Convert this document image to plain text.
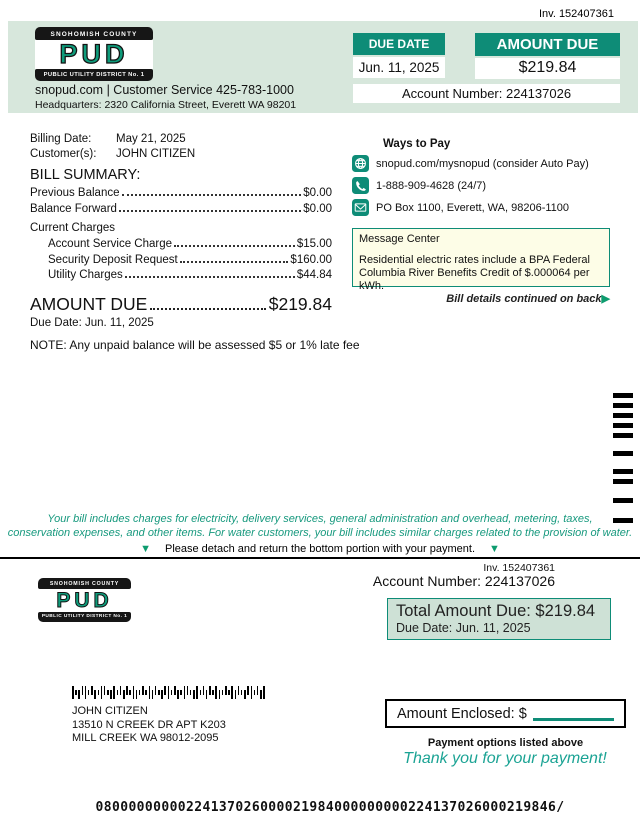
Inv. 152407361
SNOHOMISH COUNTY
PUD
PUBLIC UTILITY DISTRICT No. 1
snopud.com | Customer Service 425-783-1000
Headquarters: 2320 California Street, Everett WA 98201
DUE DATE
Jun. 11, 2025
AMOUNT DUE
$219.84
Account Number: 224137026
Billing Date:	May 21, 2025
Customer(s):	JOHN CITIZEN
BILL SUMMARY:
Previous Balance	$0.00
Balance Forward	$0.00
Current Charges
Account Service Charge	$15.00
Security Deposit Request	$160.00
Utility Charges	$44.84
AMOUNT DUE	$219.84
Due Date: Jun. 11, 2025
NOTE: Any unpaid balance will be assessed $5 or 1% late fee
Ways to Pay
snopud.com/mysnopud (consider Auto Pay)
1-888-909-4628 (24/7)
PO Box 1100, Everett, WA, 98206-1100
Message Center
Residential electric rates include a BPA Federal Columbia River Benefits Credit of $.000064 per kWh.
Bill details continued on back▶
Your bill includes charges for electricity, delivery services, general administration and overhead, metering, taxes,
conservation expenses, and other items. For water customers, your bill includes similar charges related to the provision of water.
▼ Please detach and return the bottom portion with your payment. ▼
SNOHOMISH COUNTY
PUD
PUBLIC UTILITY DISTRICT No. 1
Inv. 152407361
Account Number: 224137026
Total Amount Due: $219.84
Due Date: Jun. 11, 2025
JOHN CITIZEN
13510 N CREEK DR APT K203
MILL CREEK WA 98012-2095
Amount Enclosed: $
Payment options listed above
Thank you for your payment!
08000000000224137026000021984000000000224137026000219846/
